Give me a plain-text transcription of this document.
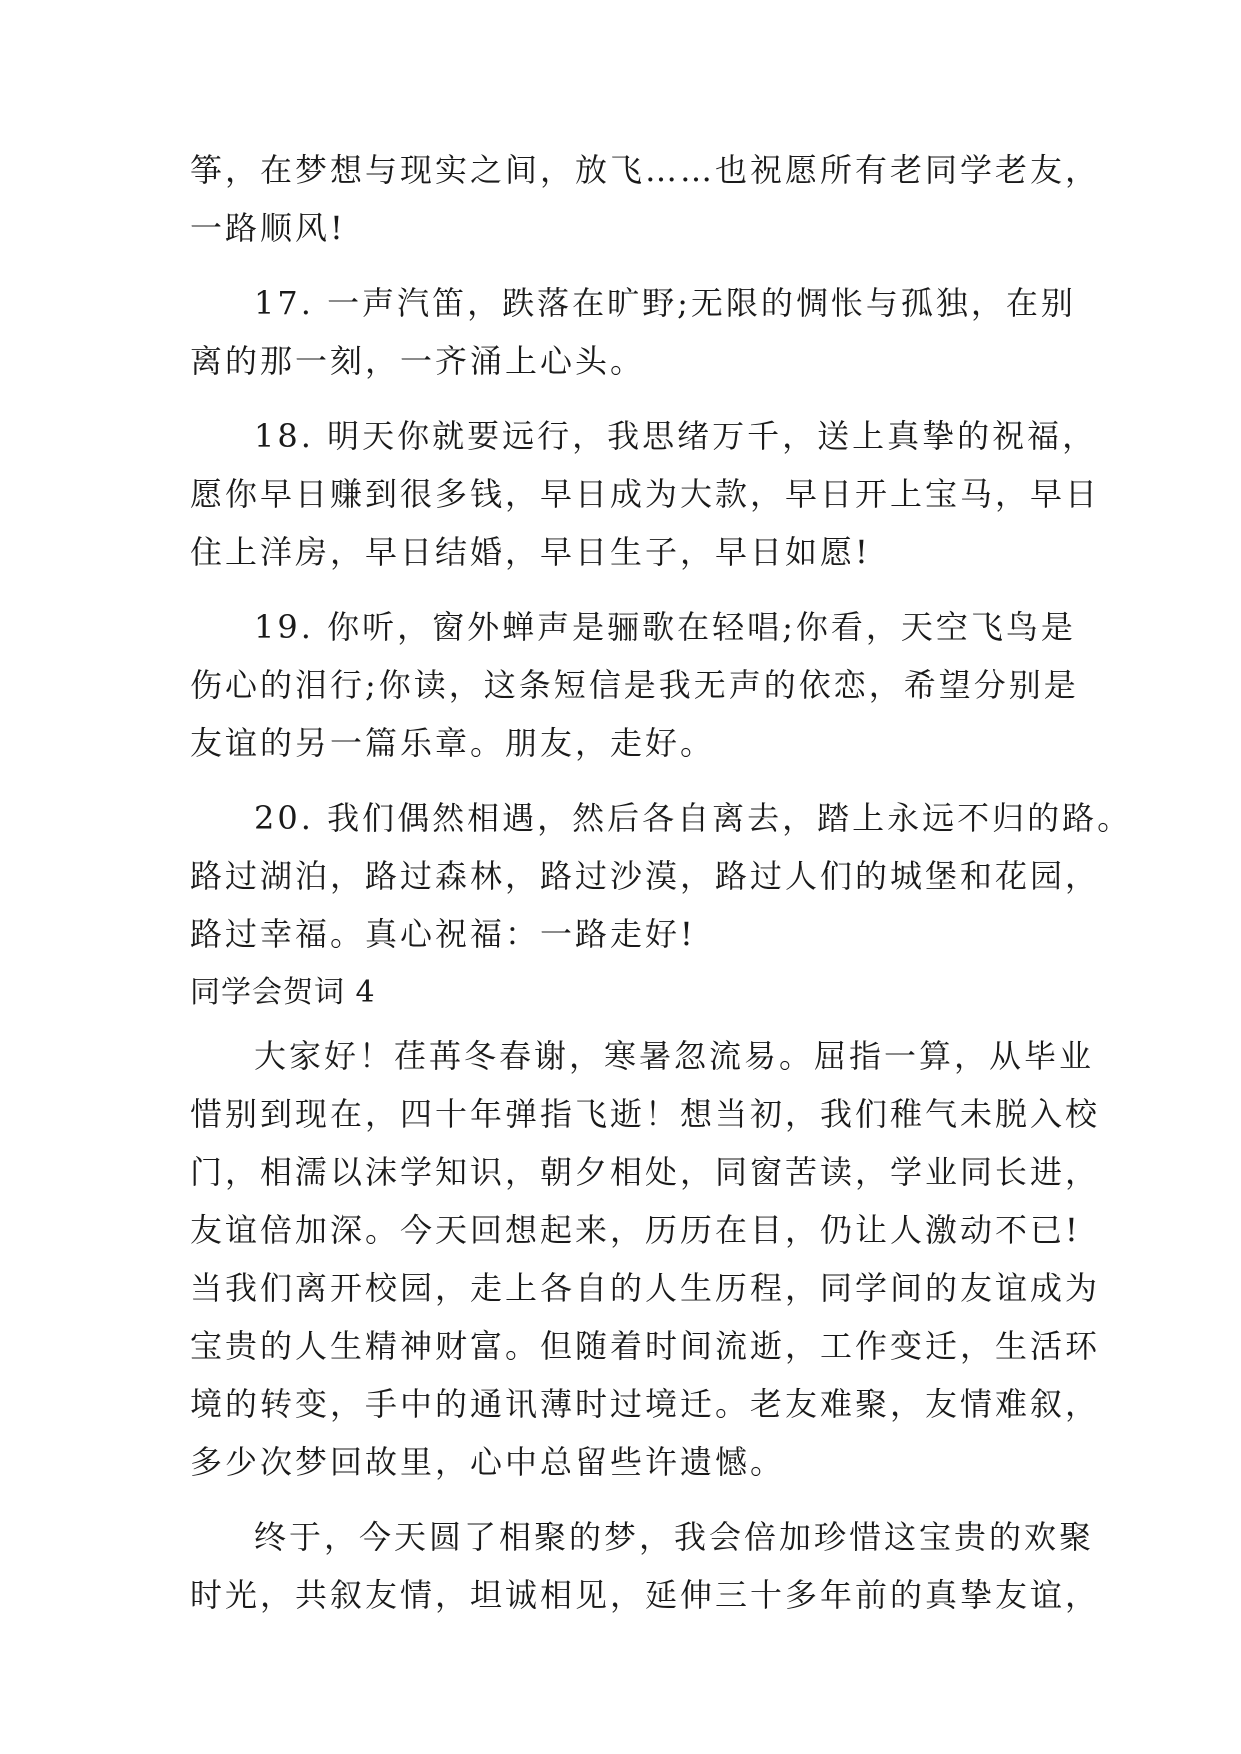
筝，在梦想与现实之间，放飞……也祝愿所有老同学老友，

一路顺风!

17. 一声汽笛，跌落在旷野;无限的惆怅与孤独，在别

离的那一刻，一齐涌上心头。

18. 明天你就要远行，我思绪万千，送上真挚的祝福，

愿你早日赚到很多钱，早日成为大款，早日开上宝马，早日

住上洋房，早日结婚，早日生子，早日如愿!

19. 你听，窗外蝉声是骊歌在轻唱;你看，天空飞鸟是

伤心的泪行;你读，这条短信是我无声的依恋，希望分别是

友谊的另一篇乐章。朋友，走好。

20. 我们偶然相遇，然后各自离去，踏上永远不归的路。

路过湖泊，路过森林，路过沙漠，路过人们的城堡和花园，

路过幸福。真心祝福：一路走好!

同学会贺词 4

大家好！荏苒冬春谢，寒暑忽流易。屈指一算，从毕业

惜别到现在，四十年弹指飞逝！想当初，我们稚气未脱入校

门，相濡以沫学知识，朝夕相处，同窗苦读，学业同长进，

友谊倍加深。今天回想起来，历历在目，仍让人激动不已!

当我们离开校园，走上各自的人生历程，同学间的友谊成为

宝贵的人生精神财富。但随着时间流逝，工作变迁，生活环

境的转变，手中的通讯薄时过境迁。老友难聚，友情难叙，

多少次梦回故里，心中总留些许遗憾。

终于，今天圆了相聚的梦，我会倍加珍惜这宝贵的欢聚

时光，共叙友情，坦诚相见，延伸三十多年前的真挚友谊，
